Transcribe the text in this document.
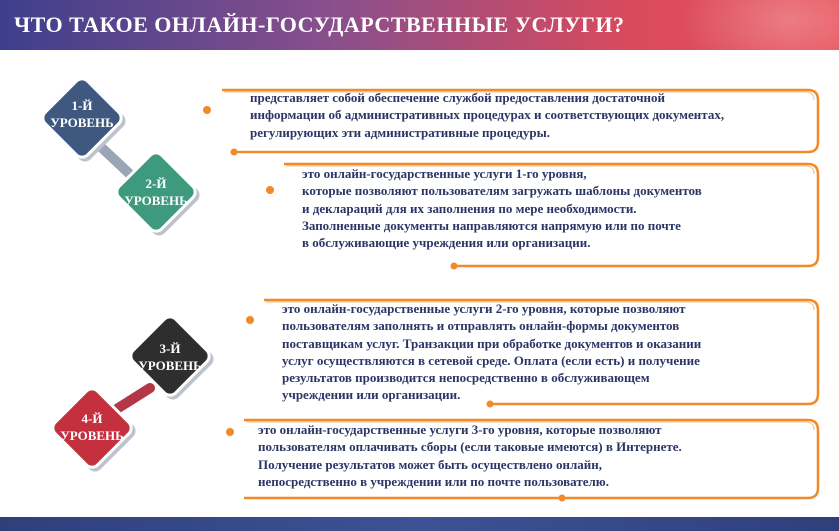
ЧТО ТАКОЕ ОНЛАЙН-ГОСУДАРСТВЕННЫЕ УСЛУГИ?
представляет собой обеспечение службой предоставления достаточной
информации об административных процедурах и соответствующих документах,
регулирующих эти административные процедуры.
1-Й
УРОВЕНЬ
это онлайн-государственные услуги 1-го уровня,
которые позволяют пользователям загружать шаблоны документов
и деклараций для их заполнения по мере необходимости.
Заполненные документы направляются напрямую или по почте
в обслуживающие учреждения или организации.
2-Й
УРОВЕНЬ
это онлайн-государственные услуги 2-го уровня, которые позволяют
пользователям заполнять и отправлять онлайн-формы документов
поставщикам услуг. Транзакции при обработке документов и оказании
услуг осуществляются в сетевой среде. Оплата (если есть) и получение
результатов производится непосредственно в обслуживающем
учреждении или организации.
3-Й
УРОВЕНЬ
это онлайн-государственные услуги 3-го уровня, которые позволяют
пользователям оплачивать сборы (если таковые имеются) в Интернете.
Получение результатов может быть осуществлено онлайн,
непосредственно в учреждении или по почте пользователю.
4-Й
УРОВЕНЬ
